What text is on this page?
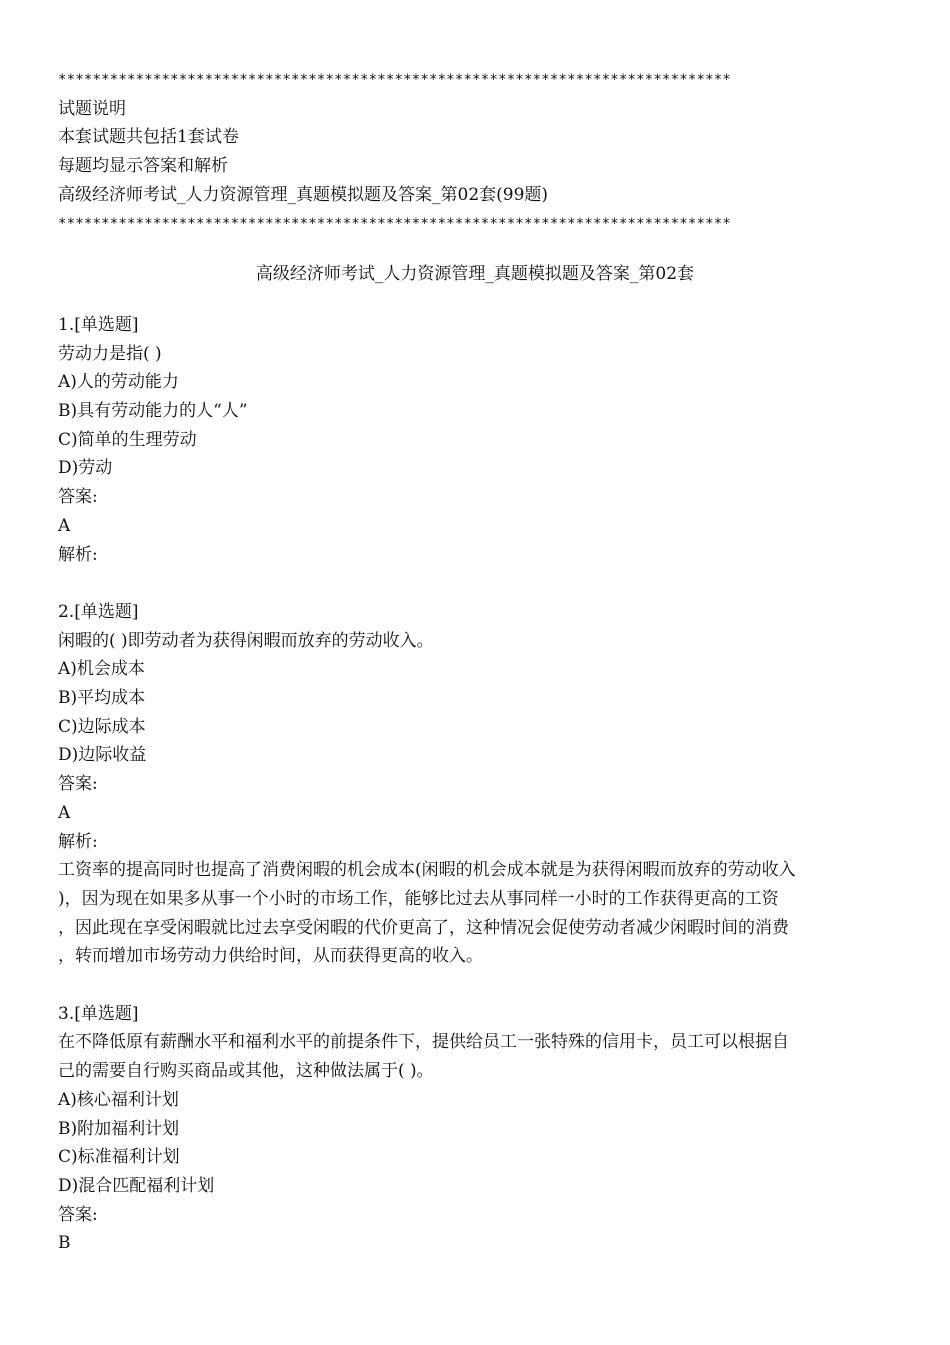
******************************************************************************
试题说明
本套试题共包括1套试卷
每题均显示答案和解析
高级经济师考试_人力资源管理_真题模拟题及答案_第02套(99题)
******************************************************************************
高级经济师考试_人力资源管理_真题模拟题及答案_第02套
1.[单选题]
劳动力是指( )
A)人的劳动能力
B)具有劳动能力的人“人”
C)简单的生理劳动
D)劳动
答案:
A
解析:
2.[单选题]
闲暇的( )即劳动者为获得闲暇而放弃的劳动收入。
A)机会成本
B)平均成本
C)边际成本
D)边际收益
答案:
A
解析:
工资率的提高同时也提高了消费闲暇的机会成本(闲暇的机会成本就是为获得闲暇而放弃的劳动收入
)，因为现在如果多从事一个小时的市场工作，能够比过去从事同样一小时的工作获得更高的工资
，因此现在享受闲暇就比过去享受闲暇的代价更高了，这种情况会促使劳动者减少闲暇时间的消费
，转而增加市场劳动力供给时间，从而获得更高的收入。
3.[单选题]
在不降低原有薪酬水平和福利水平的前提条件下，提供给员工一张特殊的信用卡，员工可以根据自
己的需要自行购买商品或其他，这种做法属于( )。
A)核心福利计划
B)附加福利计划
C)标准福利计划
D)混合匹配福利计划
答案:
B
